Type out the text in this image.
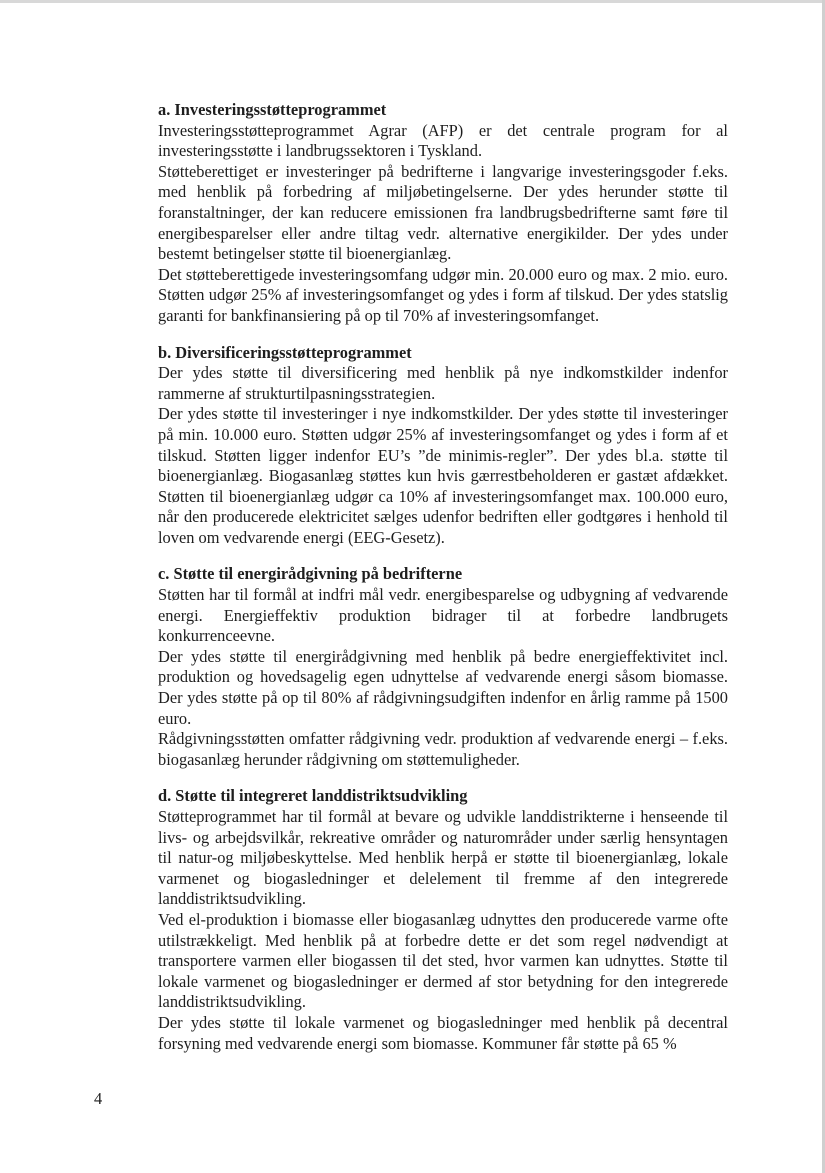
a. Investeringsstøtteprogrammet

Investeringsstøtteprogrammet Agrar (AFP) er det centrale program for al investeringsstøtte i landbrugssektoren i Tyskland.

Støtteberettiget er investeringer på bedrifterne i langvarige investeringsgoder f.eks. med henblik på forbedring af miljøbetingelserne. Der ydes herunder støtte til foranstaltninger, der kan reducere emissionen fra landbrugsbedrifterne samt føre til energibesparelser eller andre tiltag vedr. alternative energikilder. Der ydes under bestemt betingelser støtte til bioenergianlæg.

Det støtteberettigede investeringsomfang udgør min. 20.000 euro og max. 2 mio. euro. Støtten udgør 25% af investeringsomfanget og ydes i form af tilskud. Der ydes statslig garanti for bankfinansiering på op til 70% af investeringsomfanget.

b. Diversificeringsstøtteprogrammet

Der ydes støtte til diversificering med henblik på nye indkomstkilder indenfor rammerne af strukturtilpasningsstrategien.

Der ydes støtte til investeringer i nye indkomstkilder. Der ydes støtte til investeringer på min. 10.000 euro. Støtten udgør 25% af investeringsomfanget og ydes i form af et tilskud. Støtten ligger indenfor EU’s ”de minimis-regler”. Der ydes bl.a. støtte til bioenergianlæg. Biogasanlæg støttes kun hvis gærrestbeholderen er gastæt afdækket. Støtten til bioenergianlæg udgør ca 10% af investeringsomfanget max. 100.000 euro, når den producerede elektricitet sælges udenfor bedriften eller godtgøres i henhold til loven om vedvarende energi (EEG-Gesetz).

c. Støtte til energirådgivning på bedrifterne

Støtten har til formål at indfri mål vedr. energibesparelse og udbygning af vedvarende energi. Energieffektiv produktion bidrager til at forbedre landbrugets konkurrenceevne.

Der ydes støtte til energirådgivning med henblik på bedre energieffektivitet incl. produktion og hovedsagelig egen udnyttelse af vedvarende energi såsom biomasse. Der ydes støtte på op til 80% af rådgivningsudgiften indenfor en årlig ramme på 1500 euro.

Rådgivningsstøtten omfatter rådgivning vedr. produktion af vedvarende energi – f.eks. biogasanlæg herunder rådgivning om støttemuligheder.

d. Støtte til integreret landdistriktsudvikling

Støtteprogrammet har til formål at bevare og udvikle landdistrikterne i henseende til livs- og arbejdsvilkår, rekreative områder og naturområder under særlig hensyntagen til natur-og miljøbeskyttelse. Med henblik herpå er støtte til bioenergianlæg, lokale varmenet og biogasledninger et delelement til fremme af den integrerede landdistriktsudvikling.

Ved el-produktion i biomasse eller biogasanlæg udnyttes den producerede varme ofte utilstrækkeligt. Med henblik på at forbedre dette er det som regel nødvendigt at transportere varmen eller biogassen til det sted, hvor varmen kan udnyttes. Støtte til lokale varmenet og biogasledninger er dermed af stor betydning for den integrerede landdistriktsudvikling.

Der ydes støtte til lokale varmenet og biogasledninger med henblik på decentral forsyning med vedvarende energi som biomasse. Kommuner får støtte på 65 %

4
